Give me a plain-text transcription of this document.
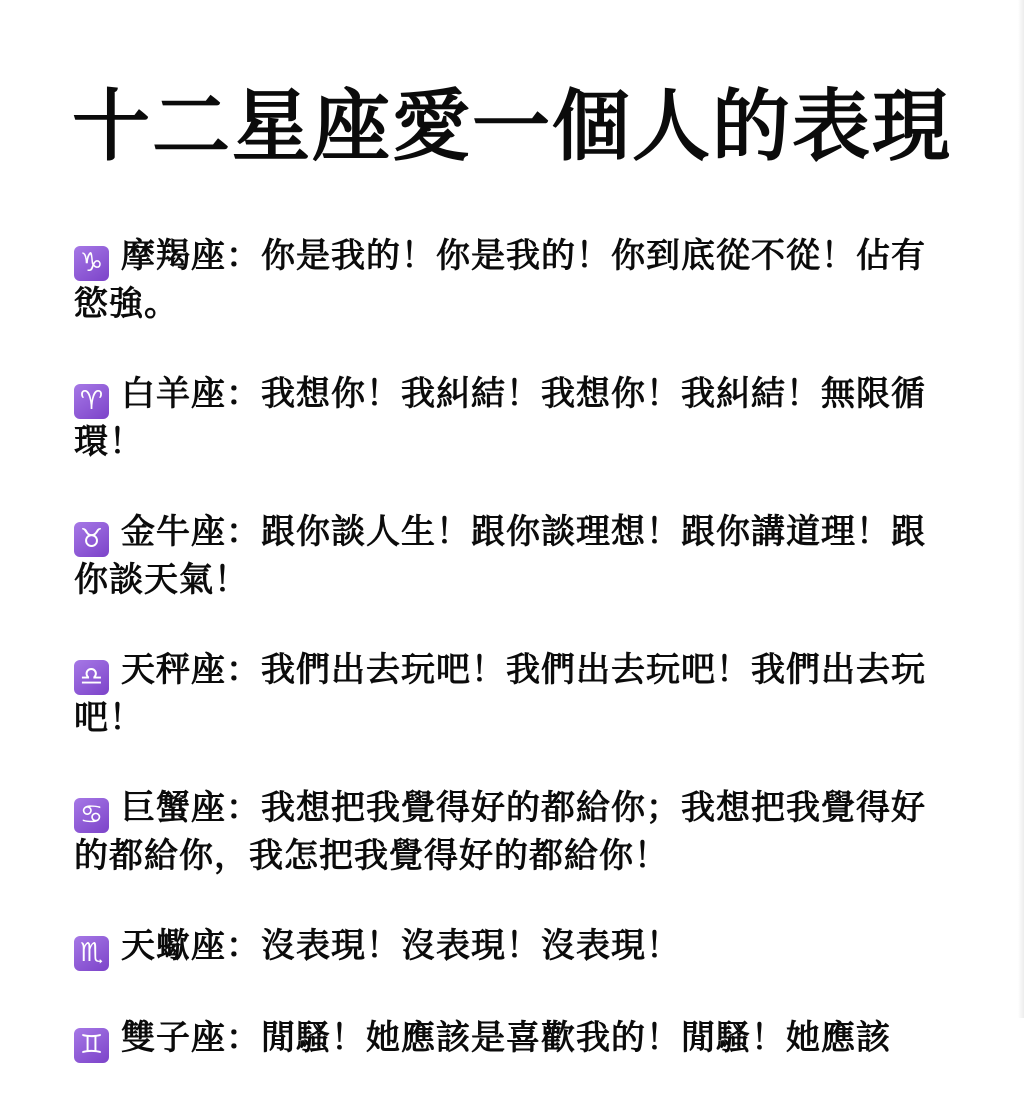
十二星座愛一個人的表現

♑ 摩羯座：你是我的！你是我的！你到底從不從！佔有慾強。

♈ 白羊座：我想你！我糾結！我想你！我糾結！無限循環！

♉ 金牛座：跟你談人生！跟你談理想！跟你講道理！跟你談天氣！

♎ 天秤座：我們出去玩吧！我們出去玩吧！我們出去玩吧！

♋ 巨蟹座：我想把我覺得好的都給你；我想把我覺得好的都給你，我怎把我覺得好的都給你！

♏ 天蠍座：沒表現！沒表現！沒表現！

♊ 雙子座：閒騷！她應該是喜歡我的！閒騷！她應該
